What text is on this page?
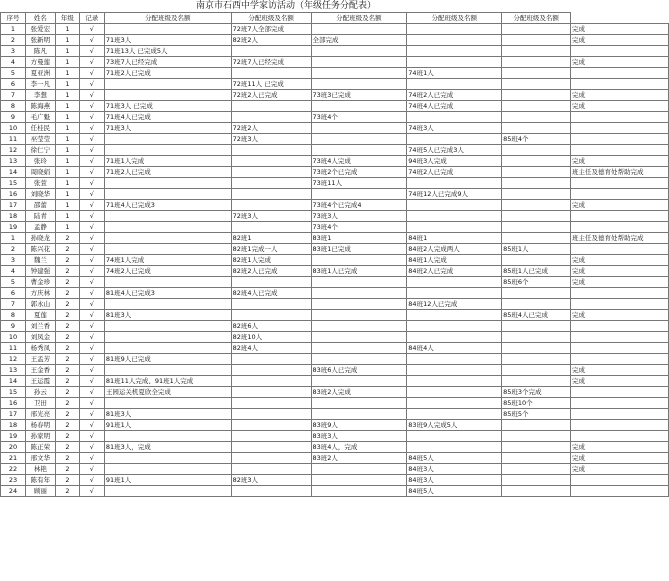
南京市石西中学家访活动（年级任务分配表）
序号	姓名	年级	记录	分配班级及名额	分配班级及名额	分配班级及名额	分配班级及名额	分配班级及名额	
1	张爱宏	1	√		72班7人全部完成				完成
2	张新明	1	√	71班3人	82班2人	全部完成			完成
3	陈凡	1	√	71班13人 已完成5人					
4	方曼莲	1	√	73班7人已经完成	72班7人已经完成				完成
5	夏亚洲	1	√	71班2人已完成			74班1人		
6	李一凡	1	√		72班11人 已完成				
7	李想	1	√		72班2人已完成	73班3已完成	74班2人已完成		完成
8	陈海燕	1	√	71班3人 已完成			74班4人已完成		完成
9	毛广魁	1	√	71班4人已完成		73班4个			
10	任桂民	1	√	71班3人	72班2人		74班3人		
11	巫莹莹	1	√		72班3人			85班4个	
12	徐仁宁	1	√				74班5人已完成3人		
13	张玲	1	√	71班1人完成		73班4人完成	94班3人完成		完成
14	周晓娟	1	√	71班2人已完成		73班2个已完成	74班2人已完成		班主任及德育处帮助完成
15	张萱	1	√			73班11人			
16	刘晓华	1	√				74班12人已完成9人		
17	邵蕾	1	√	71班4人已完成3		73班4个已完成4			完成
18	陆青	1	√		72班3人	73班3人			
19	孟静	1	√			73班4个			
1	孙晓龙	2	√		82班1	83班1	84班1		班主任及德育处帮助完成
2	陈兴花	2	√		82班1完成一人	83班1已完成	84班2人完成两人	85班1人	
3	魏兰	2	√	74班1人完成	82班1人完成		84班1人完成		完成
4	钟建强	2	√	74班2人已完成	82班2人已完成	83班1人已完成	84班2人已完成	85班1人已完成	完成
5	曹金珍	2	√					85班6个	完成
6	方庆林	2	√	81班4人已完成3	82班4人已完成				
7	郭永山	2	√				84班12人已完成		
8	夏莲	2	√	81班3人				85班4人已完成	完成
9	刘兰香	2	√		82班6人				
10	刘凤金	2	√		82班10人				
11	杨秀凤	2	√		82班4人		84班4人		
12	王孟芳	2	√	81班9人已完成					
13	王金香	2	√			83班6人已完成			完成
14	王运霞	2	√	81班11人完成、91班1人完成					完成
15	孙云	2	√	王园运关机夏欣全完成		83班2人完成		85班3个完成	
16	卫田	2	√					85班10个	
17	邢光亮	2	√	81班3人				85班5个	
18	杨春明	2	√	91班1人		83班9人	83班9人完成5人		
19	孙家明	2	√			83班3人			
20	陈正荣	2	√	81班3人，完成		83班4人，完成			完成
21	邢文华	2	√			83班2人	84班5人		完成
22	林艳	2	√				84班3人		完成
23	陈有年	2	√	91班1人	82班3人		84班3人		
24	顾丽	2	√				84班5人		
